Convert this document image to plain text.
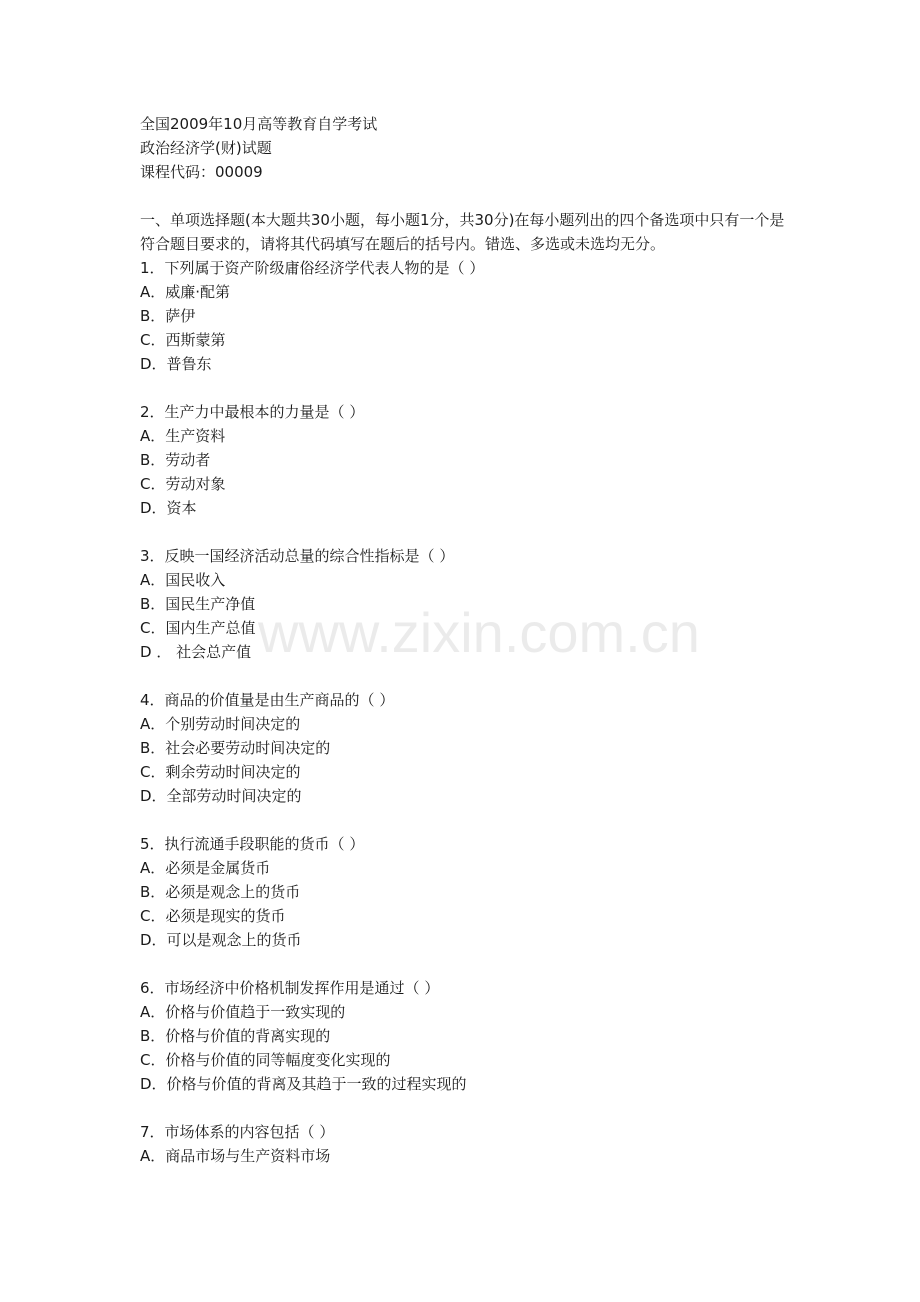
www.zixin.com.cn
全国2009年10月高等教育自学考试
政治经济学(财)试题
课程代码：00009
一、单项选择题(本大题共30小题，每小题1分，共30分)在每小题列出的四个备选项中只有一个是符合题目要求的，请将其代码填写在题后的括号内。错选、多选或未选均无分。
1．下列属于资产阶级庸俗经济学代表人物的是（ ）
A．威廉·配第
B．萨伊
C．西斯蒙第
D．普鲁东
2．生产力中最根本的力量是（ ）
A．生产资料
B．劳动者
C．劳动对象
D．资本
3．反映一国经济活动总量的综合性指标是（ ）
A．国民收入
B．国民生产净值
C．国内生产总值
D ． 社会总产值
4．商品的价值量是由生产商品的（ ）
A．个别劳动时间决定的
B．社会必要劳动时间决定的
C．剩余劳动时间决定的
D．全部劳动时间决定的
5．执行流通手段职能的货币（ ）
A．必须是金属货币
B．必须是观念上的货币
C．必须是现实的货币
D．可以是观念上的货币
6．市场经济中价格机制发挥作用是通过（ ）
A．价格与价值趋于一致实现的
B．价格与价值的背离实现的
C．价格与价值的同等幅度变化实现的
D．价格与价值的背离及其趋于一致的过程实现的
7．市场体系的内容包括（ ）
A．商品市场与生产资料市场
